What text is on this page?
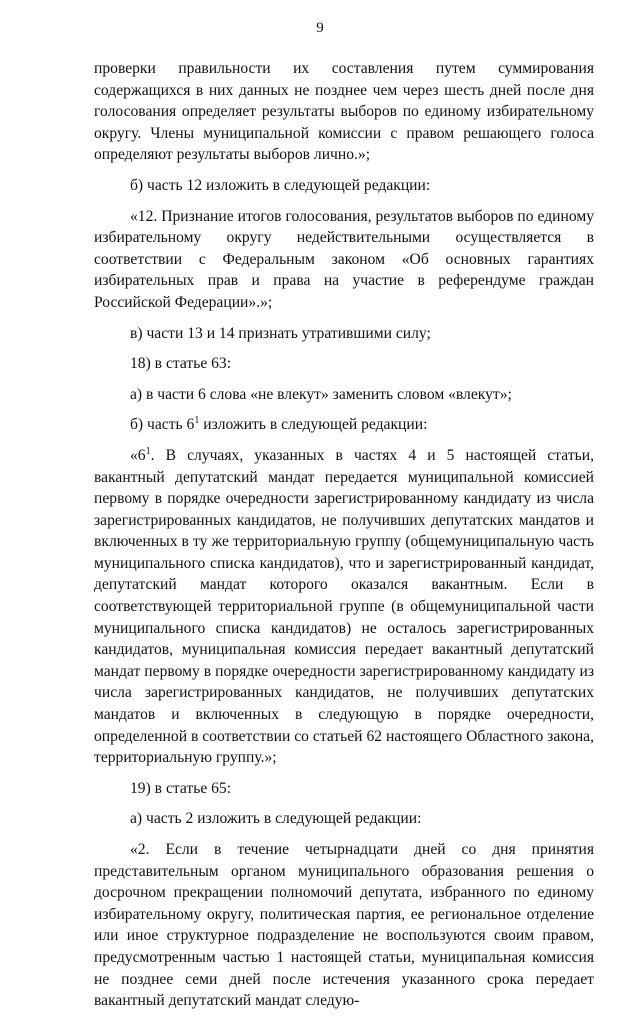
9

проверки правильности их составления путем суммирования содержащихся в них данных не позднее чем через шесть дней после дня голосования определяет результаты выборов по единому избирательному округу. Члены муниципальной комиссии с правом решающего голоса определяют результаты выборов лично.»;

б) часть 12 изложить в следующей редакции:

«12. Признание итогов голосования, результатов выборов по единому избирательному округу недействительными осуществляется в соответствии с Федеральным законом «Об основных гарантиях избирательных прав и права на участие в референдуме граждан Российской Федерации».»;

в) части 13 и 14 признать утратившими силу;

18) в статье 63:

а) в части 6 слова «не влекут» заменить словом «влекут»;

б) часть $6^1$ изложить в следующей редакции:

«$6^1$. В случаях, указанных в частях 4 и 5 настоящей статьи, вакантный депутатский мандат передается муниципальной комиссией первому в порядке очередности зарегистрированному кандидату из числа зарегистрированных кандидатов, не получивших депутатских мандатов и включенных в ту же территориальную группу (общемуниципальную часть муниципального списка кандидатов), что и зарегистрированный кандидат, депутатский мандат которого оказался вакантным. Если в соответствующей территориальной группе (в общемуниципальной части муниципального списка кандидатов) не осталось зарегистрированных кандидатов, муниципальная комиссия передает вакантный депутатский мандат первому в порядке очередности зарегистрированному кандидату из числа зарегистрированных кандидатов, не получивших депутатских мандатов и включенных в следующую в порядке очередности, определенной в соответствии со статьей 62 настоящего Областного закона, территориальную группу.»;

19) в статье 65:

а) часть 2 изложить в следующей редакции:

«2. Если в течение четырнадцати дней со дня принятия представительным органом муниципального образования решения о досрочном прекращении полномочий депутата, избранного по единому избирательному округу, политическая партия, ее региональное отделение или иное структурное подразделение не воспользуются своим правом, предусмотренным частью 1 настоящей статьи, муниципальная комиссия не позднее семи дней после истечения указанного срока передает вакантный депутатский мандат следую-
